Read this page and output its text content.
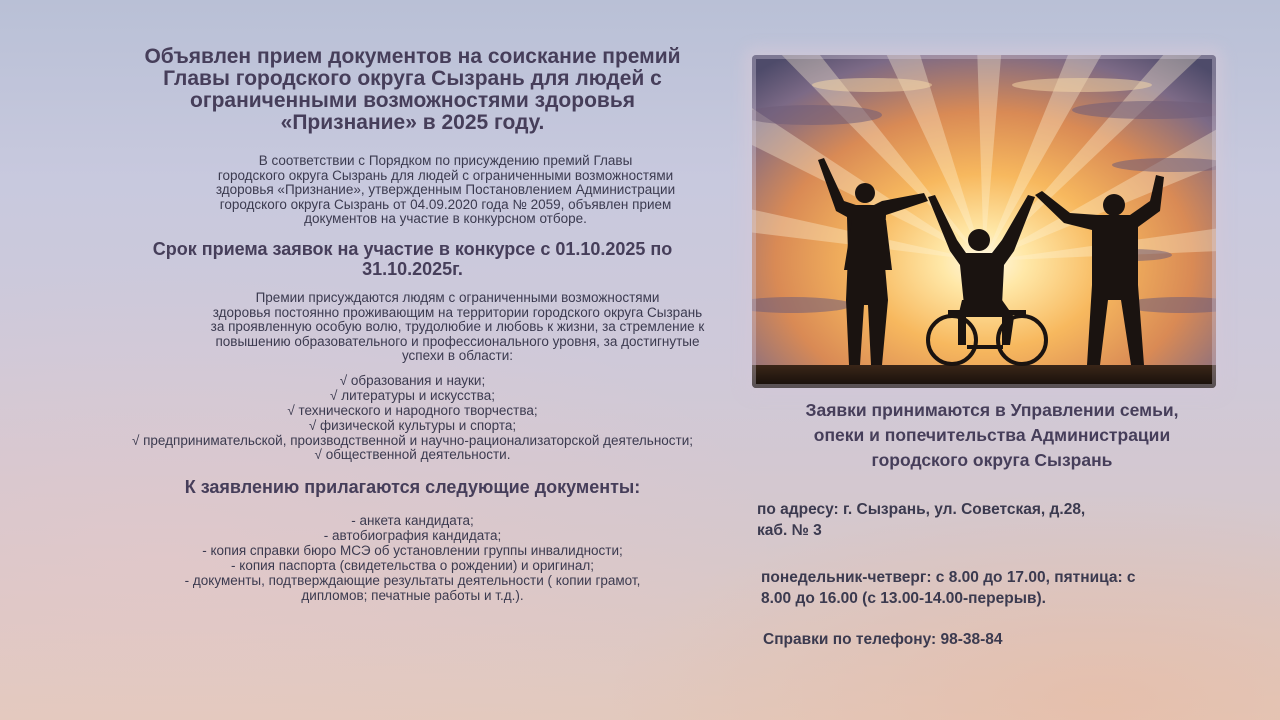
Объявлен прием документов на соискание премий
Главы городского округа Сызрань для людей с
ограниченными возможностями здоровья
«Признание» в 2025 году.
В соответствии с Порядком по присуждению премий Главы
городского округа Сызрань для людей с ограниченными возможностями
здоровья «Признание», утвержденным Постановлением Администрации
городского округа Сызрань от 04.09.2020 года № 2059, объявлен прием
документов на участие в конкурсном отборе.
Срок приема заявок на участие в конкурсе с 01.10.2025 по
31.10.2025г.
Премии присуждаются людям с ограниченными возможностями
здоровья постоянно проживающим на территории городского округа Сызрань
за проявленную особую волю, трудолюбие и любовь к жизни, за стремление к
повышению образовательного и профессионального уровня, за достигнутые
успехи в области:
√ образования и науки;
√ литературы и искусства;
√ технического и народного творчества;
√ физической культуры и спорта;
√ предпринимательской, производственной и научно-рационализаторской деятельности;
√ общественной деятельности.
К заявлению прилагаются следующие документы:
- анкета кандидата;
- автобиография кандидата;
- копия справки бюро МСЭ об установлении группы инвалидности;
- копия паспорта (свидетельства о рождении) и оригинал;
- документы, подтверждающие результаты деятельности ( копии грамот,
дипломов; печатные работы и т.д.).
Заявки принимаются в Управлении семьи,
опеки и попечительства Администрации
городского округа Сызрань
по адресу: г. Сызрань, ул. Советская, д.28,
каб. № 3
понедельник-четверг: с 8.00 до 17.00, пятница: с
8.00 до 16.00 (с 13.00-14.00-перерыв).
Справки по телефону: 98-38-84
